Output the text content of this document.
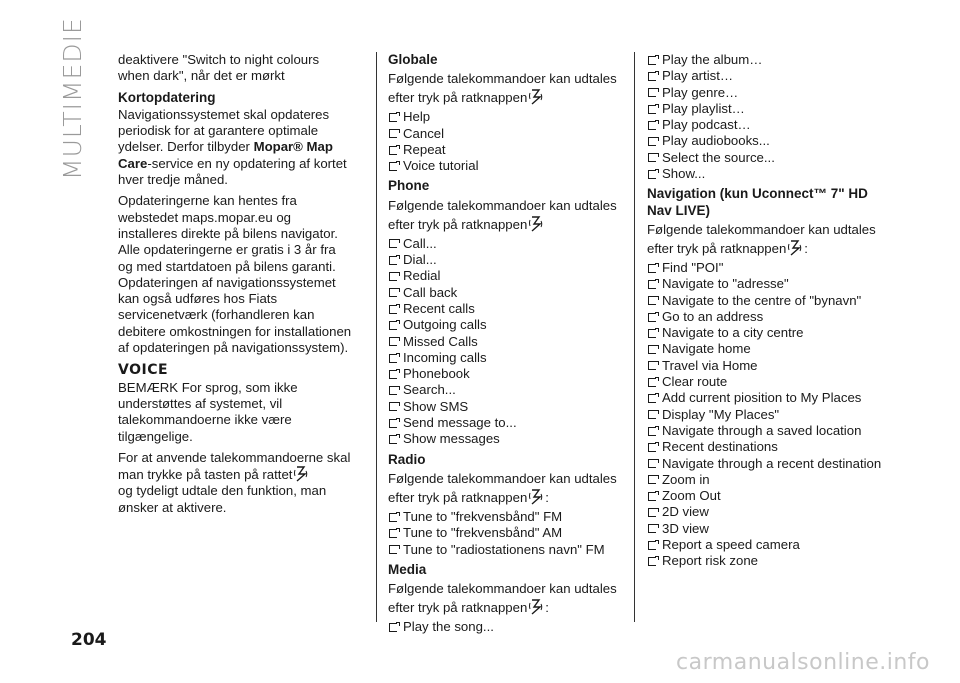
MULTIMEDIE deaktivere "Switch to night colours when dark", når det er mørkt

Kortopdatering

Navigationssystemet skal opdateres periodisk for at garantere optimale ydelser. Derfor tilbyder Mopar® Map Care-service en ny opdatering af kortet hver tredje måned.

Opdateringerne kan hentes fra webstedet maps.mopar.eu og installeres direkte på bilens navigator. Alle opdateringerne er gratis i 3 år fra og med startdatoen på bilens garanti. Opdateringen af navigationssystemet kan også udføres hos Fiats servicenetværk (forhandleren kan debitere omkostningen for installationen af opdateringen på navigationssystem).

VOICE

BEMÆRK For sprog, som ikke understøttes af systemet, vil talekommandoerne ikke være tilgængelige.

For at anvende talekommandoerne skal man trykke på tasten på rattet
og tydeligt udtale den funktion, man ønsker at aktivere.

Globale

Følgende talekommandoer kan udtales efter tryk på ratknappen

Help
Cancel
Repeat
Voice tutorial
Phone

Følgende talekommandoer kan udtales efter tryk på ratknappen

Call...
Dial...
Redial
Call back
Recent calls
Outgoing calls
Missed Calls
Incoming calls
Phonebook
Search...
Show SMS
Send message to...
Show messages
Radio

Følgende talekommandoer kan udtales efter tryk på ratknappen :

Tune to "frekvensbånd" FM
Tune to "frekvensbånd" AM
Tune to "radiostationens navn" FM
Media

Følgende talekommandoer kan udtales efter tryk på ratknappen :

Play the song...
Play the album…
Play artist…
Play genre…
Play playlist…
Play podcast…
Play audiobooks...
Select the source...
Show...
Navigation (kun Uconnect™ 7" HD Nav LIVE)

Følgende talekommandoer kan udtales efter tryk på ratknappen :

Find "POI"
Navigate to "adresse"
Navigate to the centre of "bynavn"
Go to an address
Navigate to a city centre
Navigate home
Travel via Home
Clear route
Add current piosition to My Places
Display "My Places"
Navigate through a saved location
Recent destinations
Navigate through a recent destination
Zoom in
Zoom Out
2D view
3D view
Report a speed camera
Report risk zone
204
carmanualsonline.info
